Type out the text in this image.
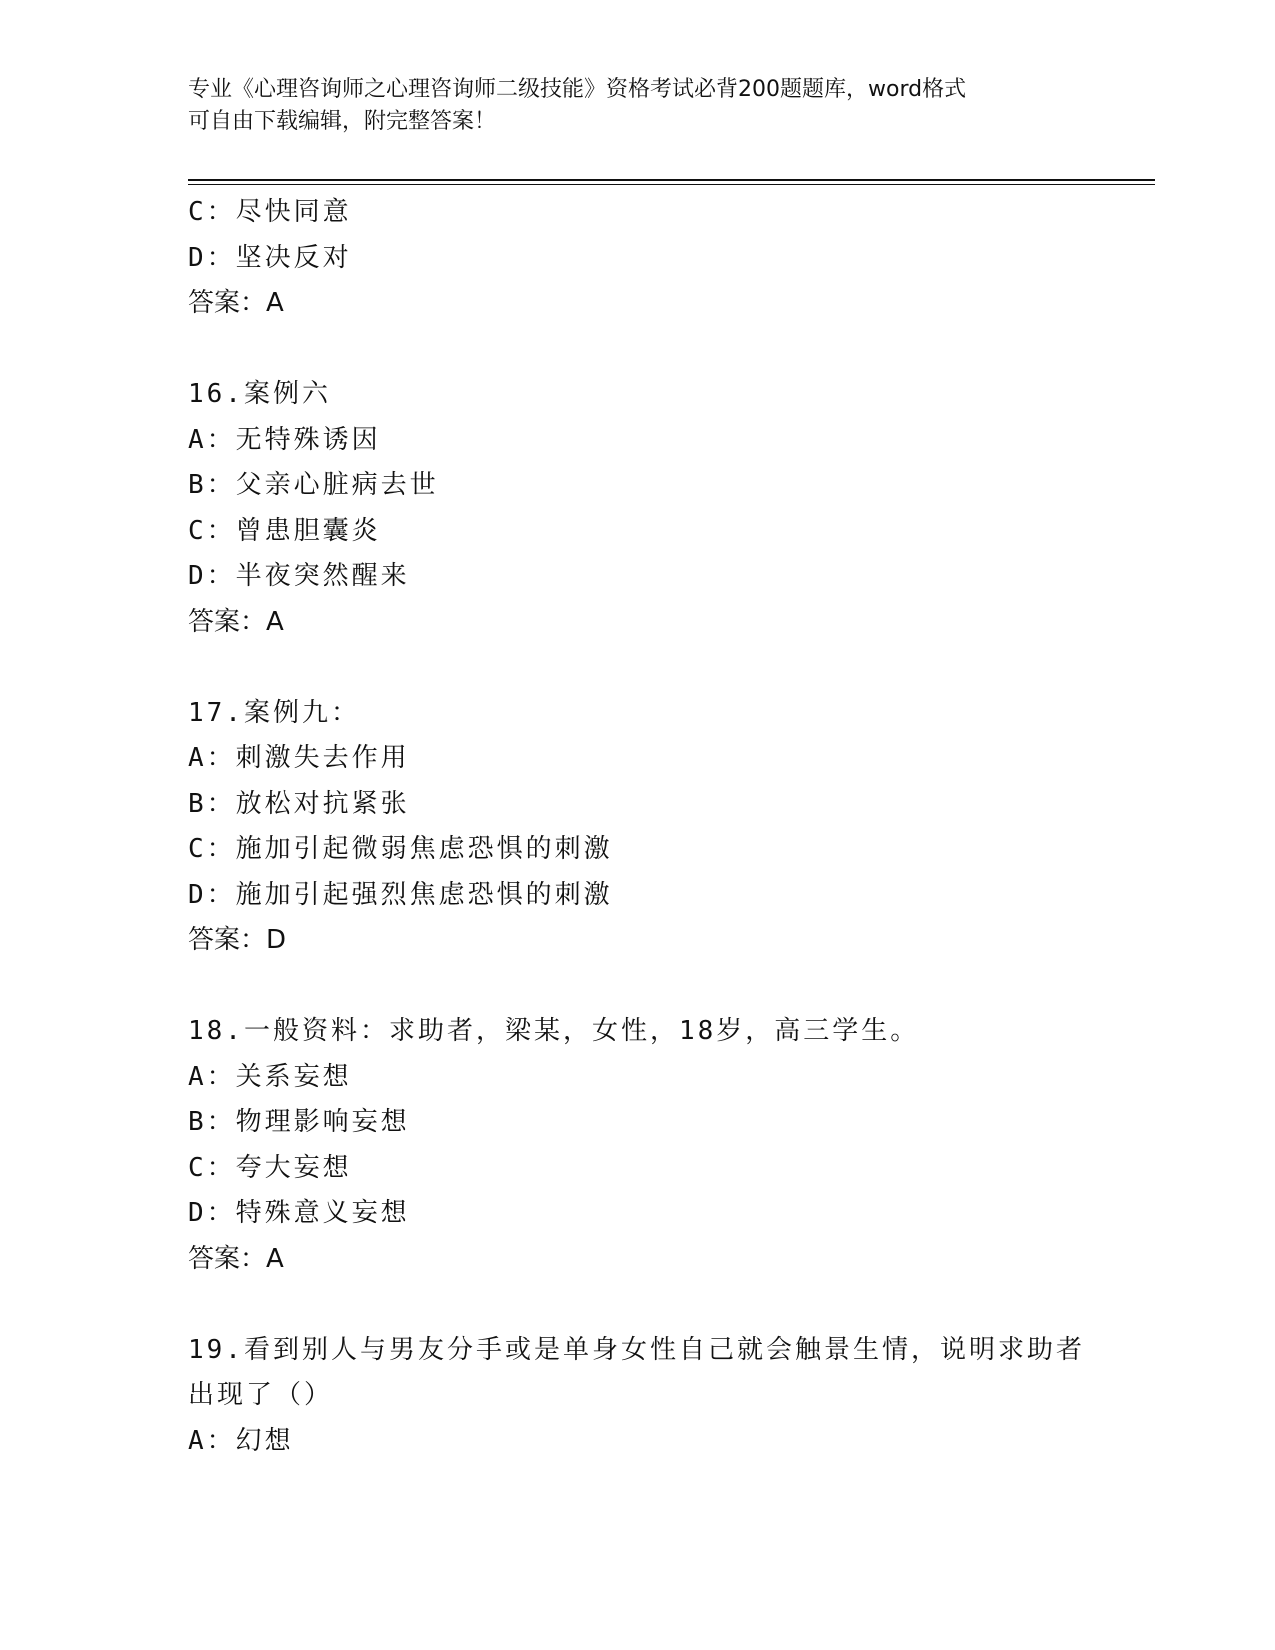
专业《心理咨询师之心理咨询师二级技能》资格考试必背200题题库，word格式
可自由下载编辑，附完整答案！
C：尽快同意
D：坚决反对
答案：A
16.案例六
A：无特殊诱因
B：父亲心脏病去世
C：曾患胆囊炎
D：半夜突然醒来
答案：A
17.案例九：
A：刺激失去作用
B：放松对抗紧张
C：施加引起微弱焦虑恐惧的刺激
D：施加引起强烈焦虑恐惧的刺激
答案：D
18.一般资料：求助者，梁某，女性，18岁，高三学生。
A：关系妄想
B：物理影响妄想
C：夸大妄想
D：特殊意义妄想
答案：A
19.看到别人与男友分手或是单身女性自己就会触景生情，说明求助者
出现了（）
A：幻想
